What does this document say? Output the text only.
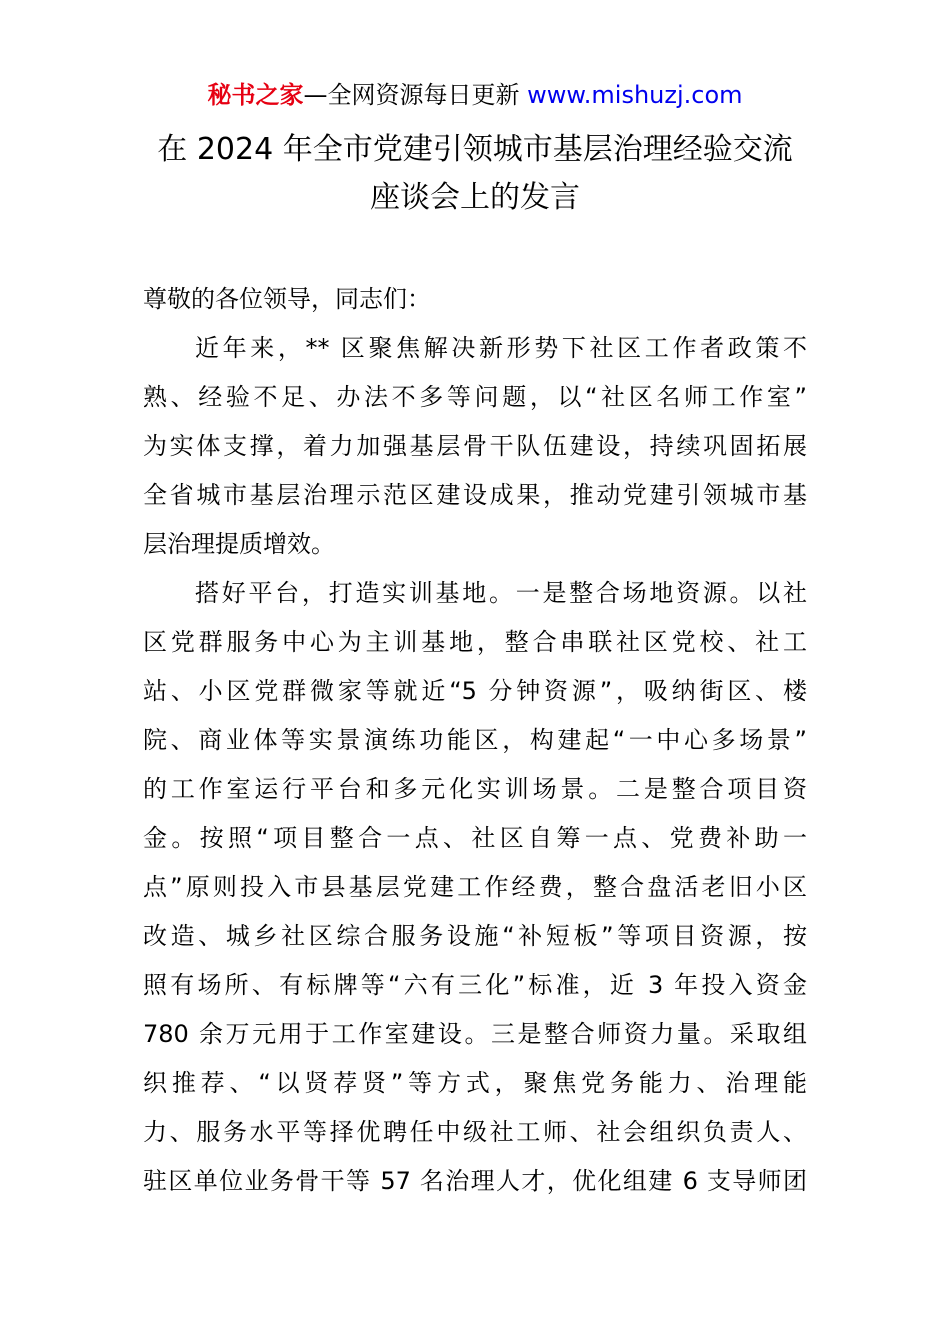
秘书之家—全网资源每日更新 www.mishuzj.com
在 2024 年全市党建引领城市基层治理经验交流
座谈会上的发言
尊敬的各位领导，同志们：
近年来，** 区聚焦解决新形势下社区工作者政策不
熟、经验不足、办法不多等问题，以“社区名师工作室”
为实体支撑，着力加强基层骨干队伍建设，持续巩固拓展
全省城市基层治理示范区建设成果，推动党建引领城市基
层治理提质增效。
搭好平台，打造实训基地。一是整合场地资源。以社
区党群服务中心为主训基地，整合串联社区党校、社工
站、小区党群微家等就近“5 分钟资源”，吸纳街区、楼
院、商业体等实景演练功能区，构建起“一中心多场景”
的工作室运行平台和多元化实训场景。二是整合项目资
金。按照“项目整合一点、社区自筹一点、党费补助一
点”原则投入市县基层党建工作经费，整合盘活老旧小区
改造、城乡社区综合服务设施“补短板”等项目资源，按
照有场所、有标牌等“六有三化”标准，近 3 年投入资金
780 余万元用于工作室建设。三是整合师资力量。采取组
织推荐、“以贤荐贤”等方式，聚焦党务能力、治理能
力、服务水平等择优聘任中级社工师、社会组织负责人、
驻区单位业务骨干等 57 名治理人才，优化组建 6 支导师团
